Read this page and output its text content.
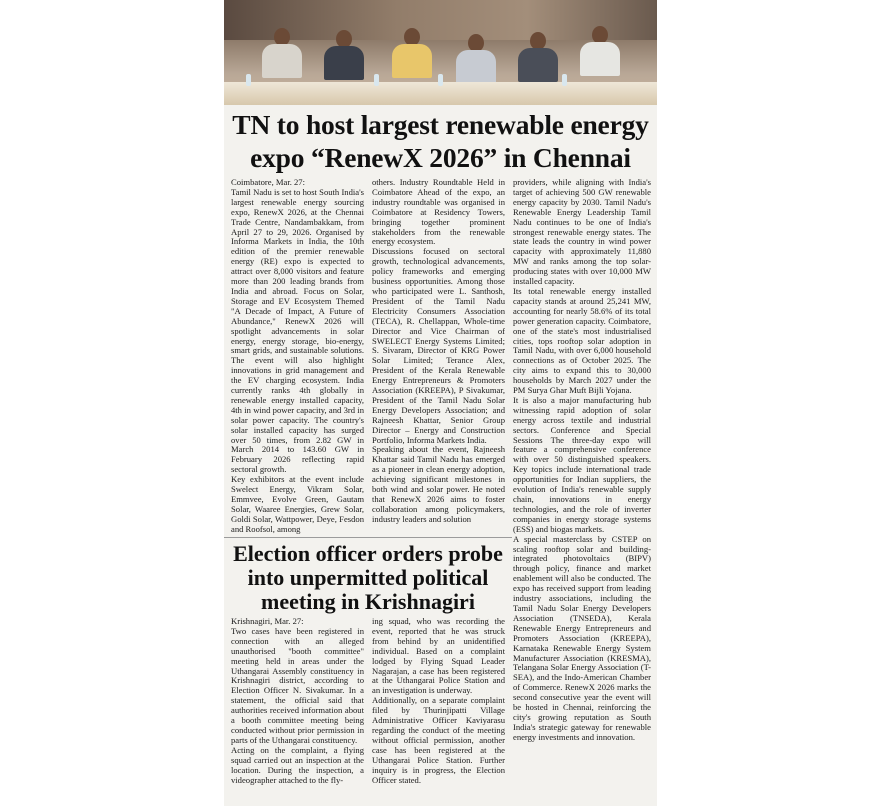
TN to host largest renewable energy
expo “RenewX 2026” in Chennai
Coimbatore, Mar. 27:
Tamil Nadu is set to host South India's largest renewable energy sourcing expo, RenewX 2026, at the Chennai Trade Centre, Nandambakkam, from April 27 to 29, 2026. Organised by Informa Markets in India, the 10th edition of the premier renewable energy (RE) expo is expected to attract over 8,000 visitors and feature more than 200 leading brands from India and abroad. Focus on Solar, Storage and EV Ecosystem Themed "A Decade of Impact, A Future of Abundance," RenewX 2026 will spotlight advancements in solar energy, energy storage, bio-energy, smart grids, and sustainable solutions. The event will also highlight innovations in grid management and the EV charging ecosystem. India currently ranks 4th globally in renewable energy installed capacity, 4th in wind power capacity, and 3rd in solar power capacity. The country's solar installed capacity has surged over 50 times, from 2.82 GW in March 2014 to 143.60 GW in February 2026 reflecting rapid sectoral growth.
Key exhibitors at the event include Swelect Energy, Vikram Solar, Emmvee, Evolve Green, Gautam Solar, Waaree Energies, Grew Solar, Goldi Solar, Wattpower, Deye, Fesdon and Roofsol, among
others. Industry Roundtable Held in Coimbatore Ahead of the expo, an industry roundtable was organised in Coimbatore at Residency Towers, bringing together prominent stakeholders from the renewable energy ecosystem.
Discussions focused on sectoral growth, technological advancements, policy frameworks and emerging business opportunities. Among those who participated were L. Santhosh, President of the Tamil Nadu Electricity Consumers Association (TECA), R. Chellappan, Whole-time Director and Vice Chairman of SWELECT Energy Systems Limited; S. Sivaram, Director of KRG Power Solar Limited; Terance Alex, President of the Kerala Renewable Energy Entrepreneurs & Promoters Association (KREEPA), P Sivakumar, President of the Tamil Nadu Solar Energy Developers Association; and Rajneesh Khattar, Senior Group Director – Energy and Construction Portfolio, Informa Markets India.
Speaking about the event, Rajneesh Khattar said Tamil Nadu has emerged as a pioneer in clean energy adoption, achieving significant milestones in both wind and solar power. He noted that RenewX 2026 aims to foster collaboration among policymakers, industry leaders and solution
providers, while aligning with India's target of achieving 500 GW renewable energy capacity by 2030. Tamil Nadu's Renewable Energy Leadership Tamil Nadu continues to be one of India's strongest renewable energy states. The state leads the country in wind power capacity with approximately 11,880 MW and ranks among the top solar-producing states with over 10,000 MW installed capacity.
Its total renewable energy installed capacity stands at around 25,241 MW, accounting for nearly 58.6% of its total power generation capacity. Coimbatore, one of the state's most industrialised cities, tops rooftop solar adoption in Tamil Nadu, with over 6,000 household connections as of October 2025. The city aims to expand this to 30,000 households by March 2027 under the PM Surya Ghar Muft Bijli Yojana.
It is also a major manufacturing hub witnessing rapid adoption of solar energy across textile and industrial sectors. Conference and Special Sessions The three-day expo will feature a comprehensive conference with over 50 distinguished speakers. Key topics include international trade opportunities for Indian suppliers, the evolution of India's renewable supply chain, innovations in energy technologies, and the role of inverter companies in energy storage systems (ESS) and biogas markets.
A special masterclass by CSTEP on scaling rooftop solar and building-integrated photovoltaics (BIPV) through policy, finance and market enablement will also be conducted. The expo has received support from leading industry associations, including the Tamil Nadu Solar Energy Developers Association (TNSEDA), Kerala Renewable Energy Entrepreneurs and Promoters Association (KREEPA), Karnataka Renewable Energy System Manufacturer Association (KRESMA), Telangana Solar Energy Association (T-SEA), and the Indo-American Chamber of Commerce. RenewX 2026 marks the second consecutive year the event will be hosted in Chennai, reinforcing the city's growing reputation as South India's strategic gateway for renewable energy investments and innovation.
Election officer orders probe
into unpermitted political
meeting in Krishnagiri
Krishnagiri, Mar. 27:
Two cases have been registered in connection with an alleged unauthorised "booth committee" meeting held in areas under the Uthangarai Assembly constituency in Krishnagiri district, according to Election Officer N. Sivakumar. In a statement, the official said that authorities received information about a booth committee meeting being conducted without prior permission in parts of the Uthangarai constituency.
Acting on the complaint, a flying squad carried out an inspection at the location. During the inspection, a videographer attached to the fly-
ing squad, who was recording the event, reported that he was struck from behind by an unidentified individual. Based on a complaint lodged by Flying Squad Leader Nagarajan, a case has been registered at the Uthangarai Police Station and an investigation is underway.
Additionally, on a separate complaint filed by Thurinjipatti Village Administrative Officer Kaviyarasu regarding the conduct of the meeting without official permission, another case has been registered at the Uthangarai Police Station. Further inquiry is in progress, the Election Officer stated.
